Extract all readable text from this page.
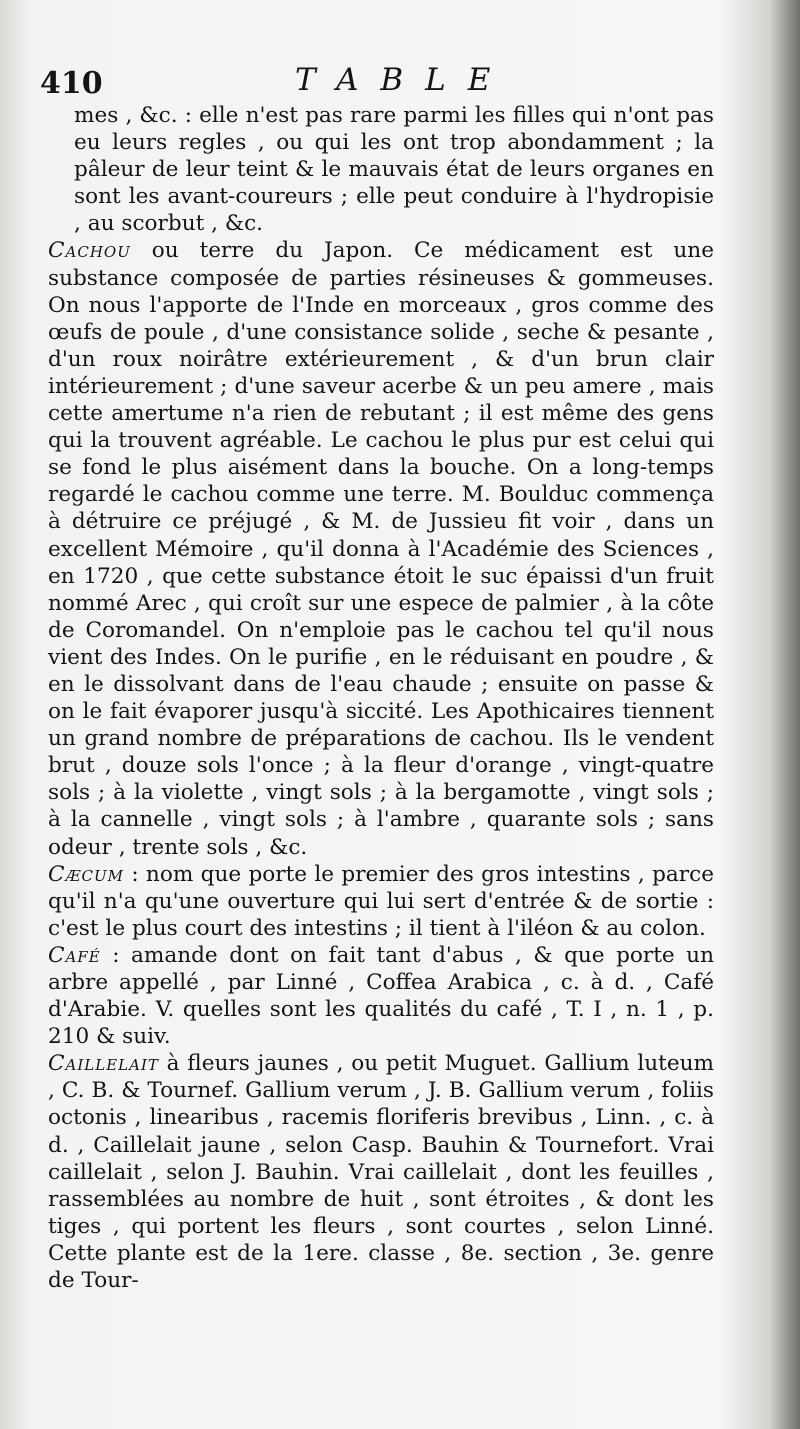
410	TABLE

mes , &c. : elle n'est pas rare parmi les filles qui n'ont pas eu leurs regles , ou qui les ont trop abondamment ; la pâleur de leur teint & le mauvais état de leurs organes en sont les avant-coureurs ; elle peut conduire à l'hydropisie , au scorbut , &c.

Cachou ou terre du Japon. Ce médicament est une substance composée de parties résineuses & gommeuses. On nous l'apporte de l'Inde en morceaux , gros comme des œufs de poule , d'une consistance solide , seche & pesante , d'un roux noirâtre extérieurement , & d'un brun clair intérieurement ; d'une saveur acerbe & un peu amere , mais cette amertume n'a rien de rebutant ; il est même des gens qui la trouvent agréable. Le cachou le plus pur est celui qui se fond le plus aisément dans la bouche. On a long-temps regardé le cachou comme une terre. M. Boulduc commença à détruire ce préjugé , & M. de Jussieu fit voir , dans un excellent Mémoire , qu'il donna à l'Académie des Sciences , en 1720 , que cette substance étoit le suc épaissi d'un fruit nommé Arec , qui croît sur une espece de palmier , à la côte de Coromandel. On n'emploie pas le cachou tel qu'il nous vient des Indes. On le purifie , en le réduisant en poudre , & en le dissolvant dans de l'eau chaude ; ensuite on passe & on le fait évaporer jusqu'à siccité. Les Apothicaires tiennent un grand nombre de préparations de cachou. Ils le vendent brut , douze sols l'once ; à la fleur d'orange , vingt-quatre sols ; à la violette , vingt sols ; à la bergamotte , vingt sols ; à la cannelle , vingt sols ; à l'ambre , quarante sols ; sans odeur , trente sols , &c.

Cæcum : nom que porte le premier des gros intestins , parce qu'il n'a qu'une ouverture qui lui sert d'entrée & de sortie : c'est le plus court des intestins ; il tient à l'iléon & au colon.

Café : amande dont on fait tant d'abus , & que porte un arbre appellé , par Linné , Coffea Arabica , c. à d. , Café d'Arabie. V. quelles sont les qualités du café , T. I , n. 1 , p. 210 & suiv.

Caillelait à fleurs jaunes , ou petit Muguet. Gallium luteum , C. B. & Tournef. Gallium verum , J. B. Gallium verum , foliis octonis , linearibus , racemis floriferis brevibus , Linn. , c. à d. , Caillelait jaune , selon Casp. Bauhin & Tournefort. Vrai caillelait , selon J. Bauhin. Vrai caillelait , dont les feuilles , rassemblées au nombre de huit , sont étroites , & dont les tiges , qui portent les fleurs , sont courtes , selon Linné. Cette plante est de la 1ere. classe , 8e. section , 3e. genre de Tour-
